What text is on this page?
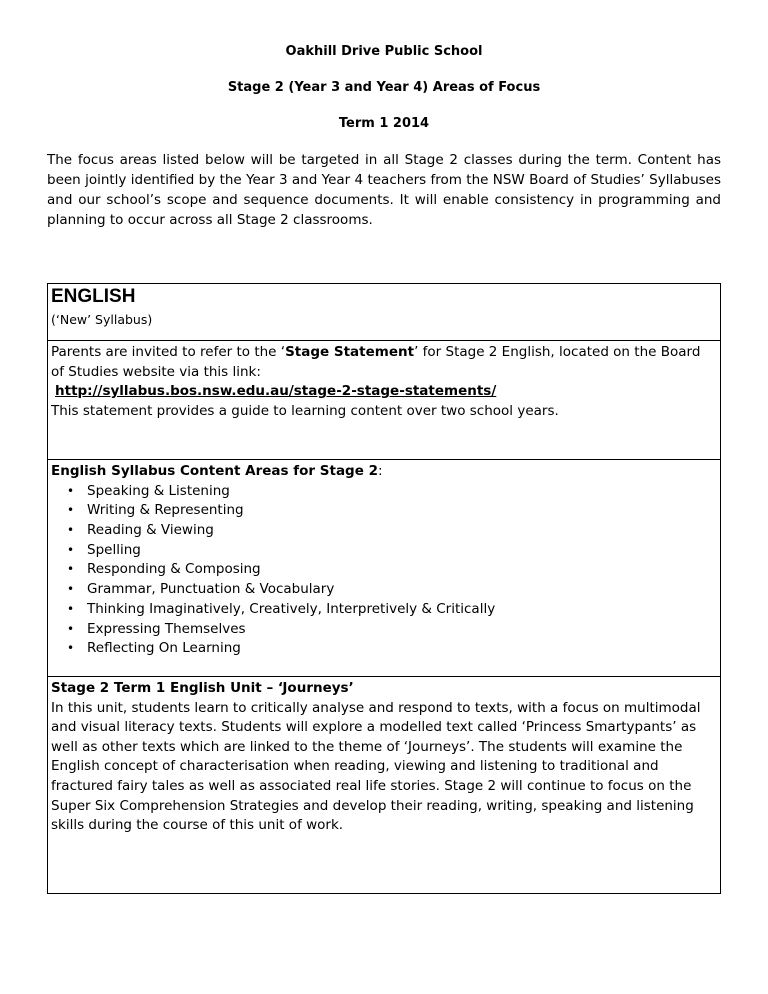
Oakhill Drive Public School
Stage 2 (Year 3 and Year 4) Areas of Focus
Term 1 2014

The focus areas listed below will be targeted in all Stage 2 classes during the term. Content has been jointly identified by the Year 3 and Year 4 teachers from the NSW Board of Studies’ Syllabuses and our school’s scope and sequence documents. It will enable consistency in programming and planning to occur across all Stage 2 classrooms.

ENGLISH
(‘New’ Syllabus)

Parents are invited to refer to the ‘Stage Statement’ for Stage 2 English, located on the Board of Studies website via this link:
http://syllabus.bos.nsw.edu.au/stage-2-stage-statements/
This statement provides a guide to learning content over two school years.

English Syllabus Content Areas for Stage 2:
• Speaking & Listening
• Writing & Representing
• Reading & Viewing
• Spelling
• Responding & Composing
• Grammar, Punctuation & Vocabulary
• Thinking Imaginatively, Creatively, Interpretively & Critically
• Expressing Themselves
• Reflecting On Learning

Stage 2 Term 1 English Unit – ‘Journeys’
In this unit, students learn to critically analyse and respond to texts, with a focus on multimodal and visual literacy texts. Students will explore a modelled text called ‘Princess Smartypants’ as well as other texts which are linked to the theme of ‘Journeys’. The students will examine the English concept of characterisation when reading, viewing and listening to traditional and fractured fairy tales as well as associated real life stories. Stage 2 will continue to focus on the Super Six Comprehension Strategies and develop their reading, writing, speaking and listening skills during the course of this unit of work.
